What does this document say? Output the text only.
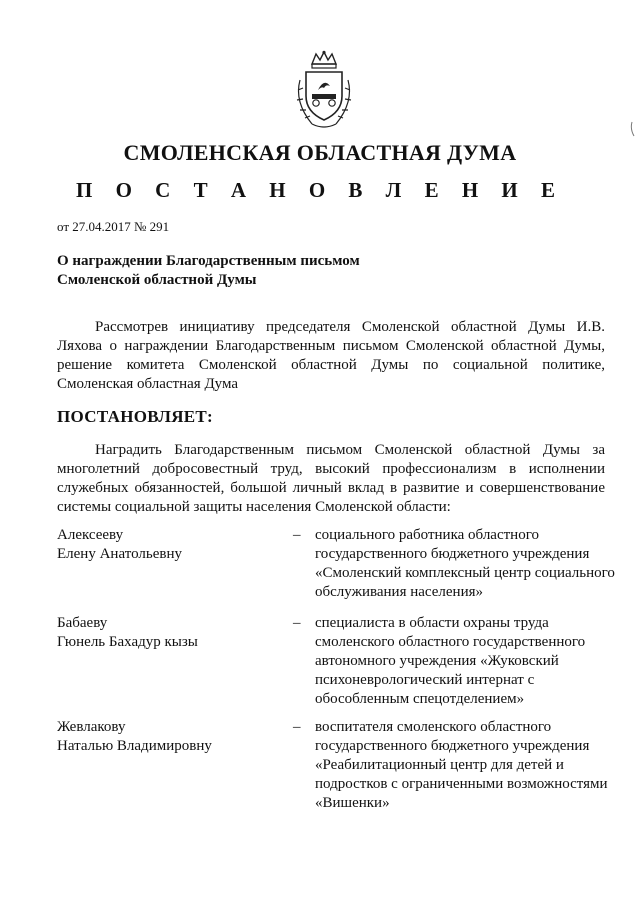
СМОЛЕНСКАЯ ОБЛАСТНАЯ ДУМА
П О С Т А Н О В Л Е Н И Е
от 27.04.2017 № 291
О награждении Благодарственным письмом
Смоленской областной Думы
Рассмотрев инициативу председателя Смоленской областной Думы И.В. Ляхова о награждении Благодарственным письмом Смоленской областной Думы, решение комитета Смоленской областной Думы по социальной политике, Смоленская областная Дума
ПОСТАНОВЛЯЕТ:
Наградить Благодарственным письмом Смоленской областной Думы за многолетний добросовестный труд, высокий профессионализм в исполнении служебных обязанностей, большой личный вклад в развитие и совершенствование системы социальной защиты населения Смоленской области:
Алексееву
Елену Анатольевну
– социального работника областного государственного бюджетного учреждения «Смоленский комплексный центр социального обслуживания населения»
Бабаеву
Гюнель Бахадур кызы
– специалиста в области охраны труда смоленского областного государственного автономного учреждения «Жуковский психоневрологический интернат с обособленным спецотделением»
Жевлакову
Наталью Владимировну
– воспитателя смоленского областного государственного бюджетного учреждения «Реабилитационный центр для детей и подростков с ограниченными возможностями «Вишенки»
